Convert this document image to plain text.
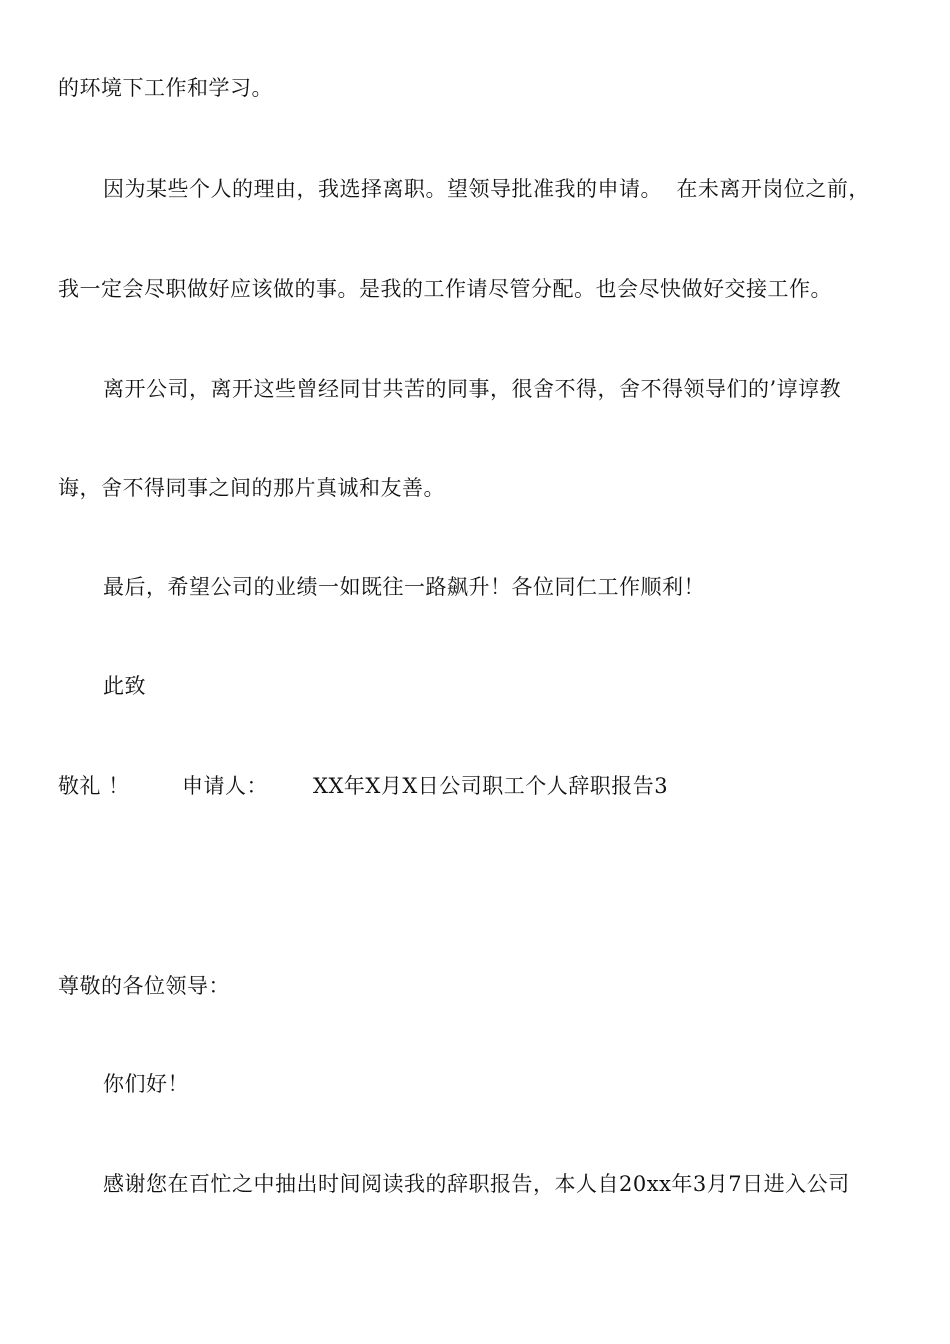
的环境下工作和学习。
因为某些个人的理由，我选择离职。望领导批准我的申请。  在未离开岗位之前，
我一定会尽职做好应该做的事。是我的工作请尽管分配。也会尽快做好交接工作。
离开公司，离开这些曾经同甘共苦的同事，很舍不得，舍不得领导们的’谆谆教
诲，舍不得同事之间的那片真诚和友善。
最后，希望公司的业绩一如既往一路飙升！各位同仁工作顺利！
此致

敬礼 ！

申请人：

XX年X月X日公司职工个人辞职报告3

尊敬的各位领导：
你们好！
感谢您在百忙之中抽出时间阅读我的辞职报告，本人自20xx年3月7日进入公司
